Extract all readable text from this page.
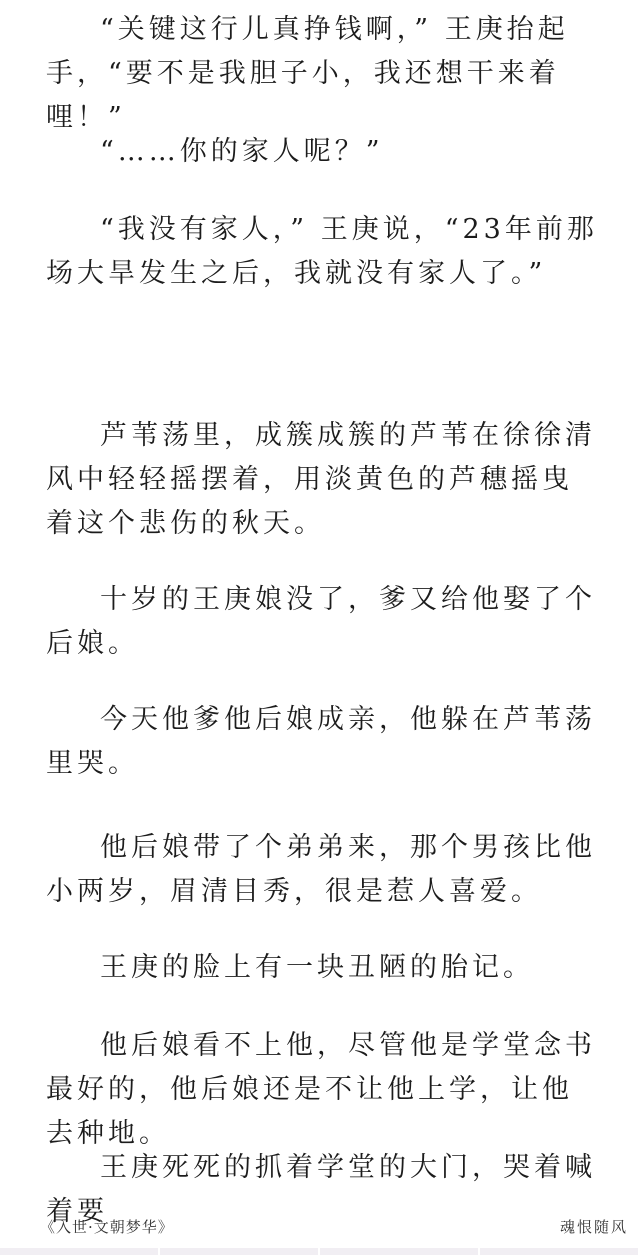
“关键这行儿真挣钱啊，” 王庚抬起手，“要不是我胆子小，我还想干来着哩！”

“……你的家人呢？”

“我没有家人，” 王庚说，“23年前那场大旱发生之后，我就没有家人了。”

芦苇荡里，成簇成簇的芦苇在徐徐清风中轻轻摇摆着，用淡黄色的芦穗摇曳着这个悲伤的秋天。

十岁的王庚娘没了，爹又给他娶了个后娘。

今天他爹他后娘成亲，他躲在芦苇荡里哭。

他后娘带了个弟弟来，那个男孩比他小两岁，眉清目秀，很是惹人喜爱。

王庚的脸上有一块丑陋的胎记。

他后娘看不上他，尽管他是学堂念书最好的，他后娘还是不让他上学，让他去种地。

王庚死死的抓着学堂的大门，哭着喊着要

《入世·文朝梦华》	魂恨随风
